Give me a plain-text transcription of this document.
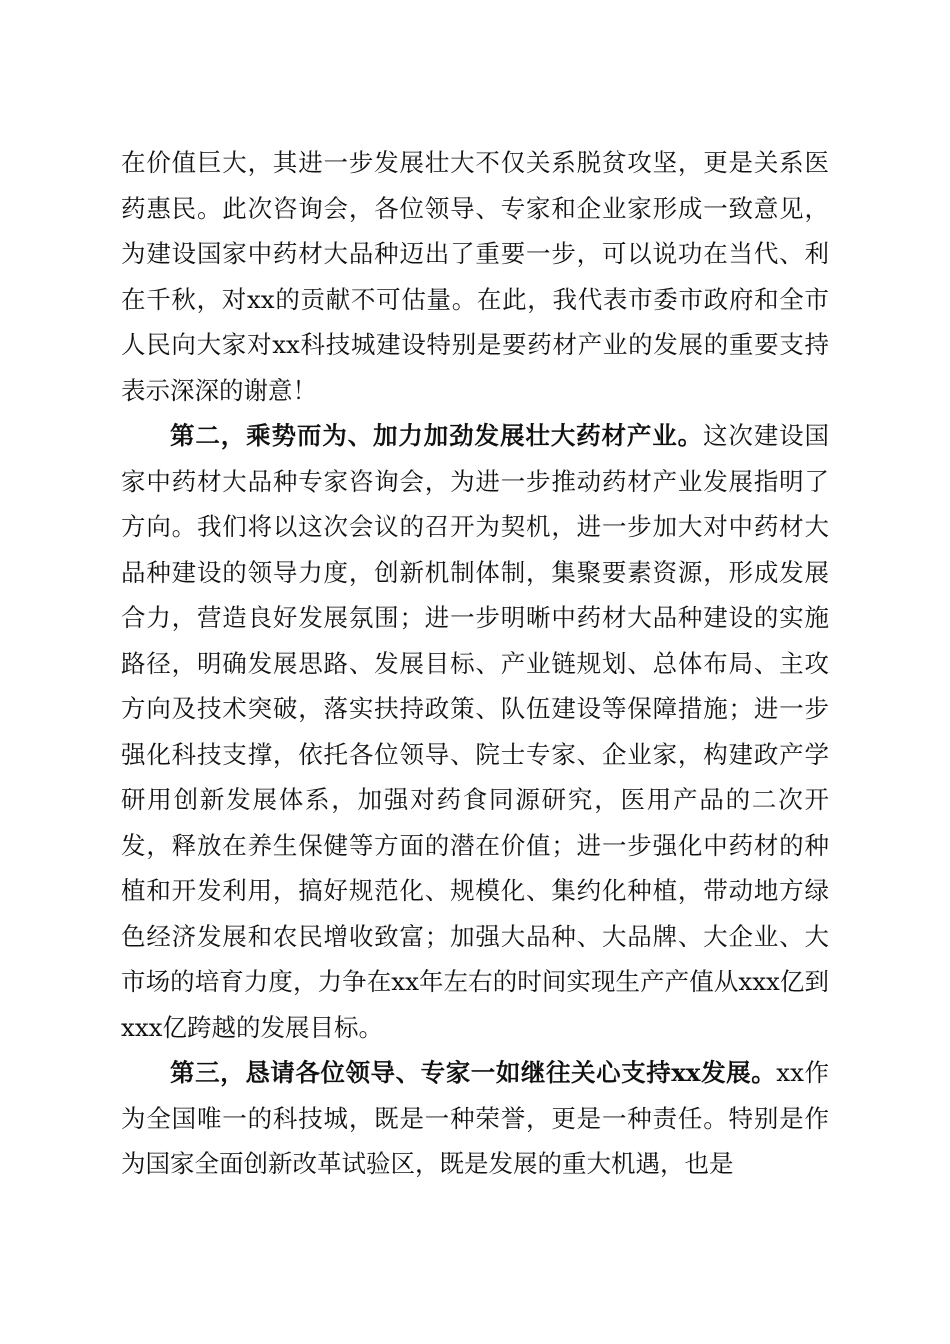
在价值巨大，其进一步发展壮大不仅关系脱贫攻坚，更是关系医药惠民。此次咨询会，各位领导、专家和企业家形成一致意见，为建设国家中药材大品种迈出了重要一步，可以说功在当代、利在千秋，对xx的贡献不可估量。在此，我代表市委市政府和全市人民向大家对xx科技城建设特别是要药材产业的发展的重要支持表示深深的谢意！

第二，乘势而为、加力加劲发展壮大药材产业。这次建设国家中药材大品种专家咨询会，为进一步推动药材产业发展指明了方向。我们将以这次会议的召开为契机，进一步加大对中药材大品种建设的领导力度，创新机制体制，集聚要素资源，形成发展合力，营造良好发展氛围；进一步明晰中药材大品种建设的实施路径，明确发展思路、发展目标、产业链规划、总体布局、主攻方向及技术突破，落实扶持政策、队伍建设等保障措施；进一步强化科技支撑，依托各位领导、院士专家、企业家，构建政产学研用创新发展体系，加强对药食同源研究，医用产品的二次开发，释放在养生保健等方面的潜在价值；进一步强化中药材的种植和开发利用，搞好规范化、规模化、集约化种植，带动地方绿色经济发展和农民增收致富；加强大品种、大品牌、大企业、大市场的培育力度，力争在xx年左右的时间实现生产产值从xxx亿到xxx亿跨越的发展目标。

第三，恳请各位领导、专家一如继往关心支持xx发展。xx作为全国唯一的科技城，既是一种荣誉，更是一种责任。特别是作为国家全面创新改革试验区，既是发展的重大机遇，也是
